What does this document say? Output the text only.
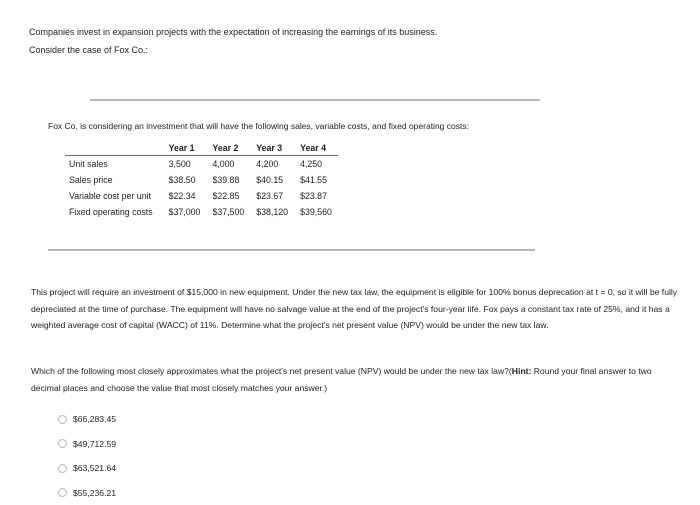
Companies invest in expansion projects with the expectation of increasing the earnings of its business.
Consider the case of Fox Co.:
Fox Co. is considering an investment that will have the following sales, variable costs, and fixed operating costs:
	Year 1	Year 2	Year 3	Year 4
Unit sales	3,500	4,000	4,200	4,250
Sales price	$38.50	$39.88	$40.15	$41.55
Variable cost per unit	$22.34	$22.85	$23.67	$23.87
Fixed operating costs	$37,000	$37,500	$38,120	$39,560
This project will require an investment of $15,000 in new equipment. Under the new tax law, the equipment is eligible for 100% bonus deprecation at t = 0, so it will be fully depreciated at the time of purchase. The equipment will have no salvage value at the end of the project's four-year life. Fox pays a constant tax rate of 25%, and it has a weighted average cost of capital (WACC) of 11%. Determine what the project's net present value (NPV) would be under the new tax law.
Which of the following most closely approximates what the project's net present value (NPV) would be under the new tax law?(Hint: Round your final answer to two decimal places and choose the value that most closely matches your answer.)
$66,283.45
$49,712.59
$63,521.64
$55,236.21
